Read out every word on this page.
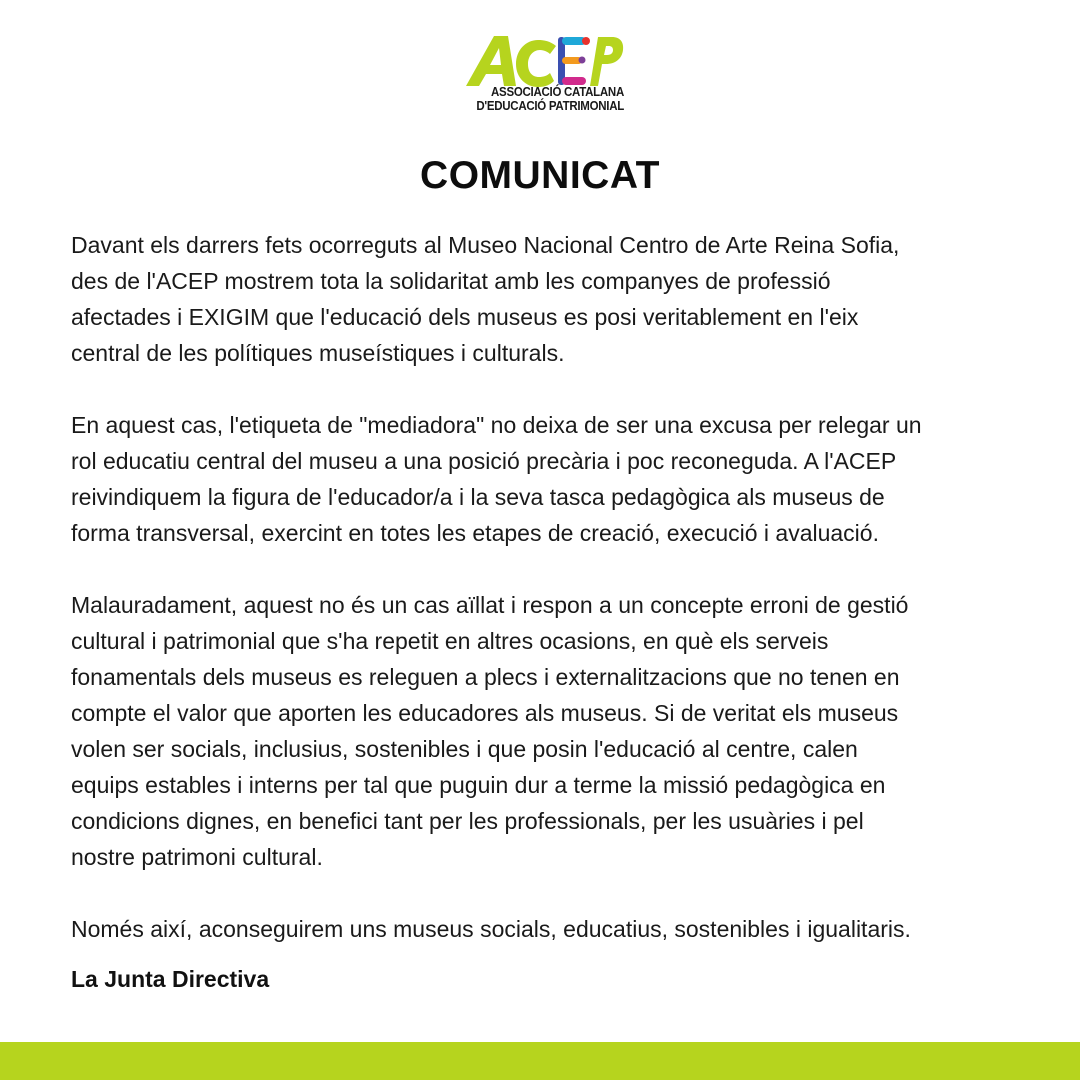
ASSOCIACIÓ CATALANA
D'EDUCACIÓ PATRIMONIAL
COMUNICAT

Davant els darrers fets ocorreguts al Museo Nacional Centro de Arte Reina Sofia,
des de l'ACEP mostrem tota la solidaritat amb les companyes de professió
afectades i EXIGIM que l'educació dels museus es posi veritablement en l'eix
central de les polítiques museístiques i culturals.

En aquest cas, l'etiqueta de "mediadora" no deixa de ser una excusa per relegar un
rol educatiu central del museu a una posició precària i poc reconeguda. A l'ACEP
reivindiquem la figura de l'educador/a i la seva tasca pedagògica als museus de
forma transversal, exercint en totes les etapes de creació, execució i avaluació.

Malauradament, aquest no és un cas aïllat i respon a un concepte erroni de gestió
cultural i patrimonial que s'ha repetit en altres ocasions, en què els serveis
fonamentals dels museus es releguen a plecs i externalitzacions que no tenen en
compte el valor que aporten les educadores als museus. Si de veritat els museus
volen ser socials, inclusius, sostenibles i que posin l'educació al centre, calen
equips estables i interns per tal que puguin dur a terme la missió pedagògica en
condicions dignes, en benefici tant per les professionals, per les usuàries i pel
nostre patrimoni cultural.

Només així, aconseguirem uns museus socials, educatius, sostenibles i igualitaris.

La Junta Directiva
